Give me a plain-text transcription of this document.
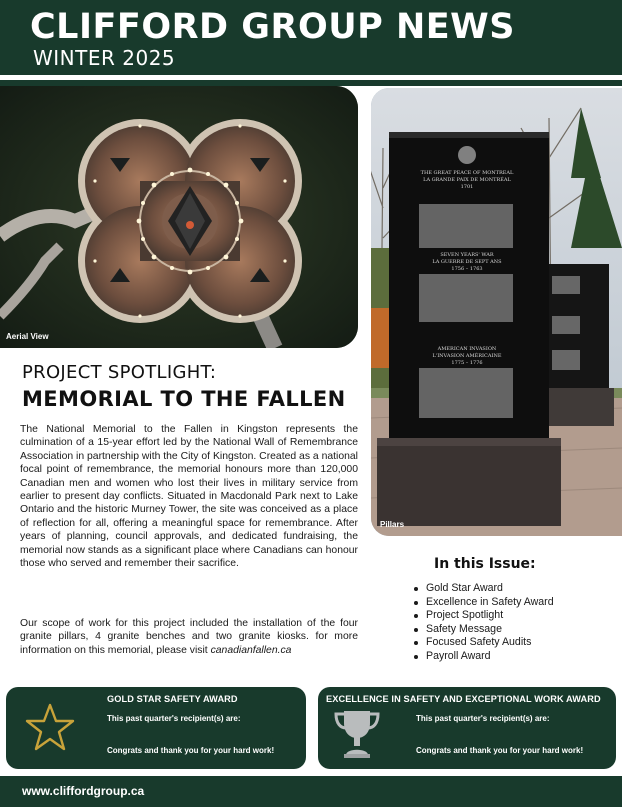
CLIFFORD GROUP NEWS
WINTER 2025
Aerial View
THE GREAT PEACE OF MONTREAL
LA GRANDE PAIX DE MONTRÉAL
1701
SEVEN YEARS' WAR
LA GUERRE DE SEPT ANS
1756 – 1763
AMERICAN INVASION
L'INVASION AMÉRICAINE
1775 – 1776
Pillars
PROJECT SPOTLIGHT:
MEMORIAL TO THE FALLEN

The National Memorial to the Fallen in Kingston represents the culmination of a 15-year effort led by the National Wall of Remembrance Association in partnership with the City of Kingston. Created as a national focal point of remembrance, the memorial honours more than 120,000 Canadian men and women who lost their lives in military service from earlier to present day conflicts. Situated in Macdonald Park next to Lake Ontario and the historic Murney Tower, the site was conceived as a place of reflection for all, offering a meaningful space for remembrance. After years of planning, council approvals, and dedicated fundraising, the memorial now stands as a significant place where Canadians can honour those who served and remember their sacrifice.

Our scope of work for this project included the installation of the four granite pillars, 4 granite benches and two granite kiosks. for more information on this memorial, please visit canadianfallen.ca

In this Issue:
Gold Star Award
Excellence in Safety Award
Project Spotlight
Safety Message
Focused Safety Audits
Payroll Award
GOLD STAR SAFETY AWARD
This past quarter's recipient(s) are:
Congrats and thank you for your hard work!
EXCELLENCE IN SAFETY AND EXCEPTIONAL WORK AWARD
This past quarter's recipient(s) are:
Congrats and thank you for your hard work!
www.cliffordgroup.ca
